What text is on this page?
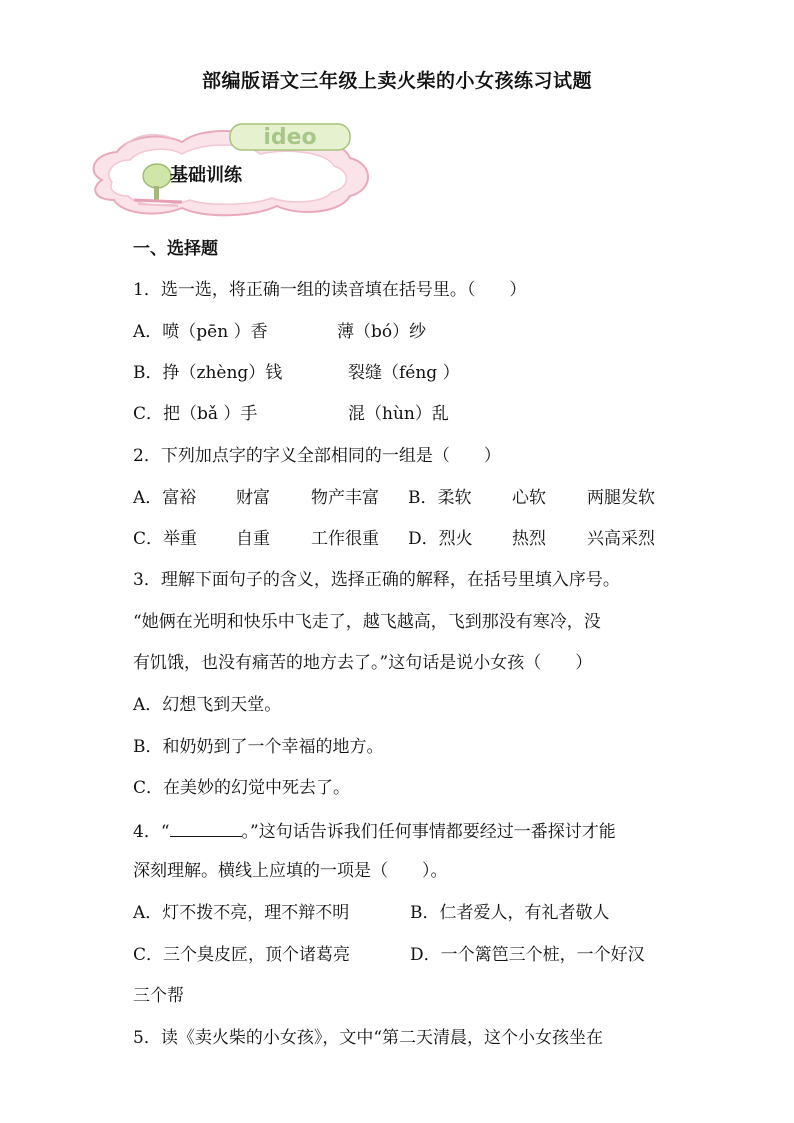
部编版语文三年级上卖火柴的小女孩练习试题
ideo
基础训练
一、选择题
1．选一选，将正确一组的读音填在括号里。（　　）
A．喷（pēn ）香	薄（bó）纱
B．挣（zhèng）钱	裂缝（féng ）
C．把（bǎ ）手	混（hùn）乱
2．下列加点字的字义全部相同的一组是（　　）
A．富裕 财富 物产丰富 B．柔软 心软 两腿发软
C．举重 自重 工作很重 D．烈火 热烈 兴高采烈
3．理解下面句子的含义，选择正确的解释，在括号里填入序号。
“她俩在光明和快乐中飞走了，越飞越高，飞到那没有寒冷，没
有饥饿，也没有痛苦的地方去了。”这句话是说小女孩（　　）
A．幻想飞到天堂。
B．和奶奶到了一个幸福的地方。
C．在美妙的幻觉中死去了。
4．“	。”这句话告诉我们任何事情都要经过一番探讨才能
深刻理解。横线上应填的一项是（　　）。
A．灯不拨不亮，理不辩不明	B．仁者爱人，有礼者敬人
C．三个臭皮匠，顶个诸葛亮	D．一个篱笆三个桩，一个好汉
三个帮
5．读《卖火柴的小女孩》，文中“第二天清晨，这个小女孩坐在
